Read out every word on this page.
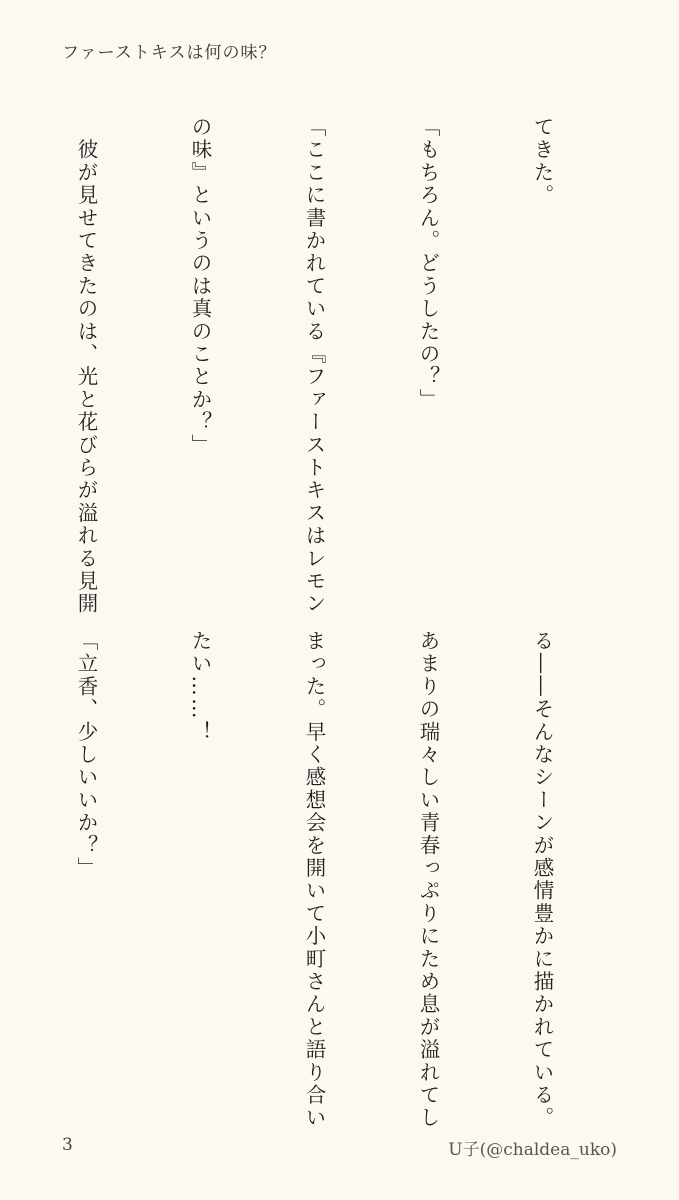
ファーストキスは何の味？

てきた。

「もちろん。どうしたの？」

「ここに書かれている『ファーストキスはレモン

の味』というのは真のことか？」

　彼が見せてきたのは、光と花びらが溢れる見開

る――そんなシーンが感情豊かに描かれている。

あまりの瑞々しい青春っぷりにため息が溢れてし

まった。早く感想会を開いて小町さんと語り合い

たい……！

「立香、少しいいか？」

3	U子(@chaldea_uko)
